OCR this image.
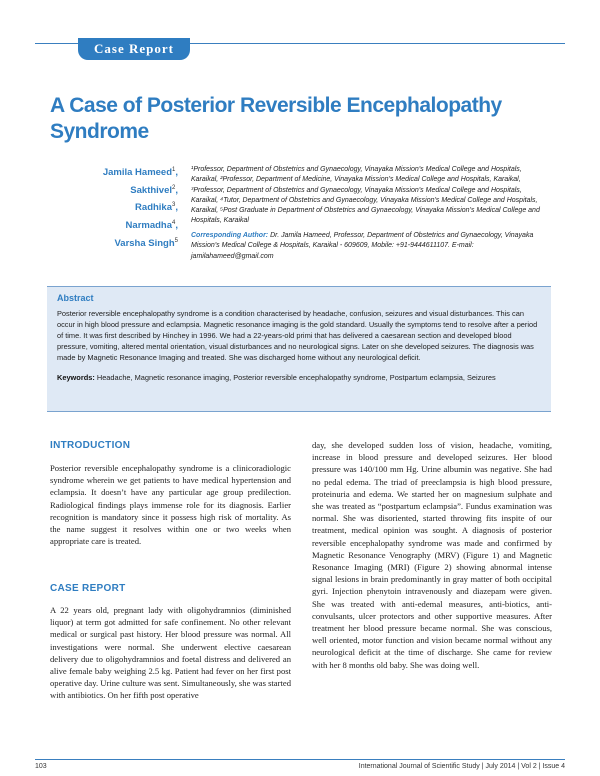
Case Report
A Case of Posterior Reversible Encephalopathy Syndrome
Jamila Hameed$^1$,
Sakthivel$^2$,
Radhika$^3$,
Narmadha$^4$,
Varsha Singh$^5$
¹Professor, Department of Obstetrics and Gynaecology, Vinayaka Mission’s Medical College and Hospitals, Karaikal, ²Professor, Department of Medicine, Vinayaka Mission’s Medical College and Hospitals, Karaikal, ³Professor, Department of Obstetrics and Gynaecology, Vinayaka Mission’s Medical College and Hospitals, Karaikal, ⁴Tutor, Department of Obstetrics and Gynaecology, Vinayaka Mission’s Medical College and Hospitals, Karaikal, ⁵Post Graduate in Department of Obstetrics and Gynaecology, Vinayaka Mission’s Medical College and Hospitals, Karaikal
Corresponding Author: Dr. Jamila Hameed, Professor, Department of Obstetrics and Gynaecology, Vinayaka Mission’s Medical College & Hospitals, Karaikal - 609609, Mobile: +91-9444611107. E-mail: jamilahameed@gmail.com
Abstract
Posterior reversible encephalopathy syndrome is a condition characterised by headache, confusion, seizures and visual disturbances. This can occur in high blood pressure and eclampsia. Magnetic resonance imaging is the gold standard. Usually the symptoms tend to resolve after a period of time. It was first described by Hinchey in 1996. We had a 22-years-old primi that has delivered a caesarean section and developed blood pressure, vomiting, altered mental orientation, visual disturbances and no neurological signs. Later on she developed seizures. The diagnosis was made by Magnetic Resonance Imaging and treated. She was discharged home without any neurological deficit.
Keywords: Headache, Magnetic resonance imaging, Posterior reversible encephalopathy syndrome, Postpartum eclampsia, Seizures
INTRODUCTION
Posterior reversible encephalopathy syndrome is a clinicoradiologic syndrome wherein we get patients to have medical hypertension and eclampsia. It doesn’t have any particular age group predilection. Radiological findings plays immense role for its diagnosis. Earlier recognition is mandatory since it possess high risk of mortality. As the name suggest it resolves within one or two weeks when appropriate care is treated.
CASE REPORT
A 22 years old, pregnant lady with oligohydramnios (diminished liquor) at term got admitted for safe confinement. No other relevant medical or surgical past history. Her blood pressure was normal. All investigations were normal. She underwent elective caesarean delivery due to oligohydramnios and foetal distress and delivered an alive female baby weighing 2.5 kg. Patient had fever on her first post operative day. Urine culture was sent. Simultaneously, she was started with antibiotics. On her fifth post operative
day, she developed sudden loss of vision, headache, vomiting, increase in blood pressure and developed seizures. Her blood pressure was 140/100 mm Hg. Urine albumin was negative. She had no pedal edema. The triad of preeclampsia is high blood pressure, proteinuria and edema. We started her on magnesium sulphate and she was treated as “postpartum eclampsia”. Fundus examination was normal. She was disoriented, started throwing fits inspite of our treatment, medical opinion was sought. A diagnosis of posterior reversible encephalopathy syndrome was made and confirmed by Magnetic Resonance Venography (MRV) (Figure 1) and Magnetic Resonance Imaging (MRI) (Figure 2) showing abnormal intense signal lesions in brain predominantly in gray matter of both occipital gyri. Injection phenytoin intravenously and diazepam were given. She was treated with anti-edemal measures, anti-biotics, anti-convulsants, ulcer protectors and other supportive measures. After treatment her blood pressure became normal. She was conscious, well oriented, motor function and vision became normal without any neurological deficit at the time of discharge. She came for review with her 8 months old baby. She was doing well.
103	International Journal of Scientific Study | July 2014 | Vol 2 | Issue 4
